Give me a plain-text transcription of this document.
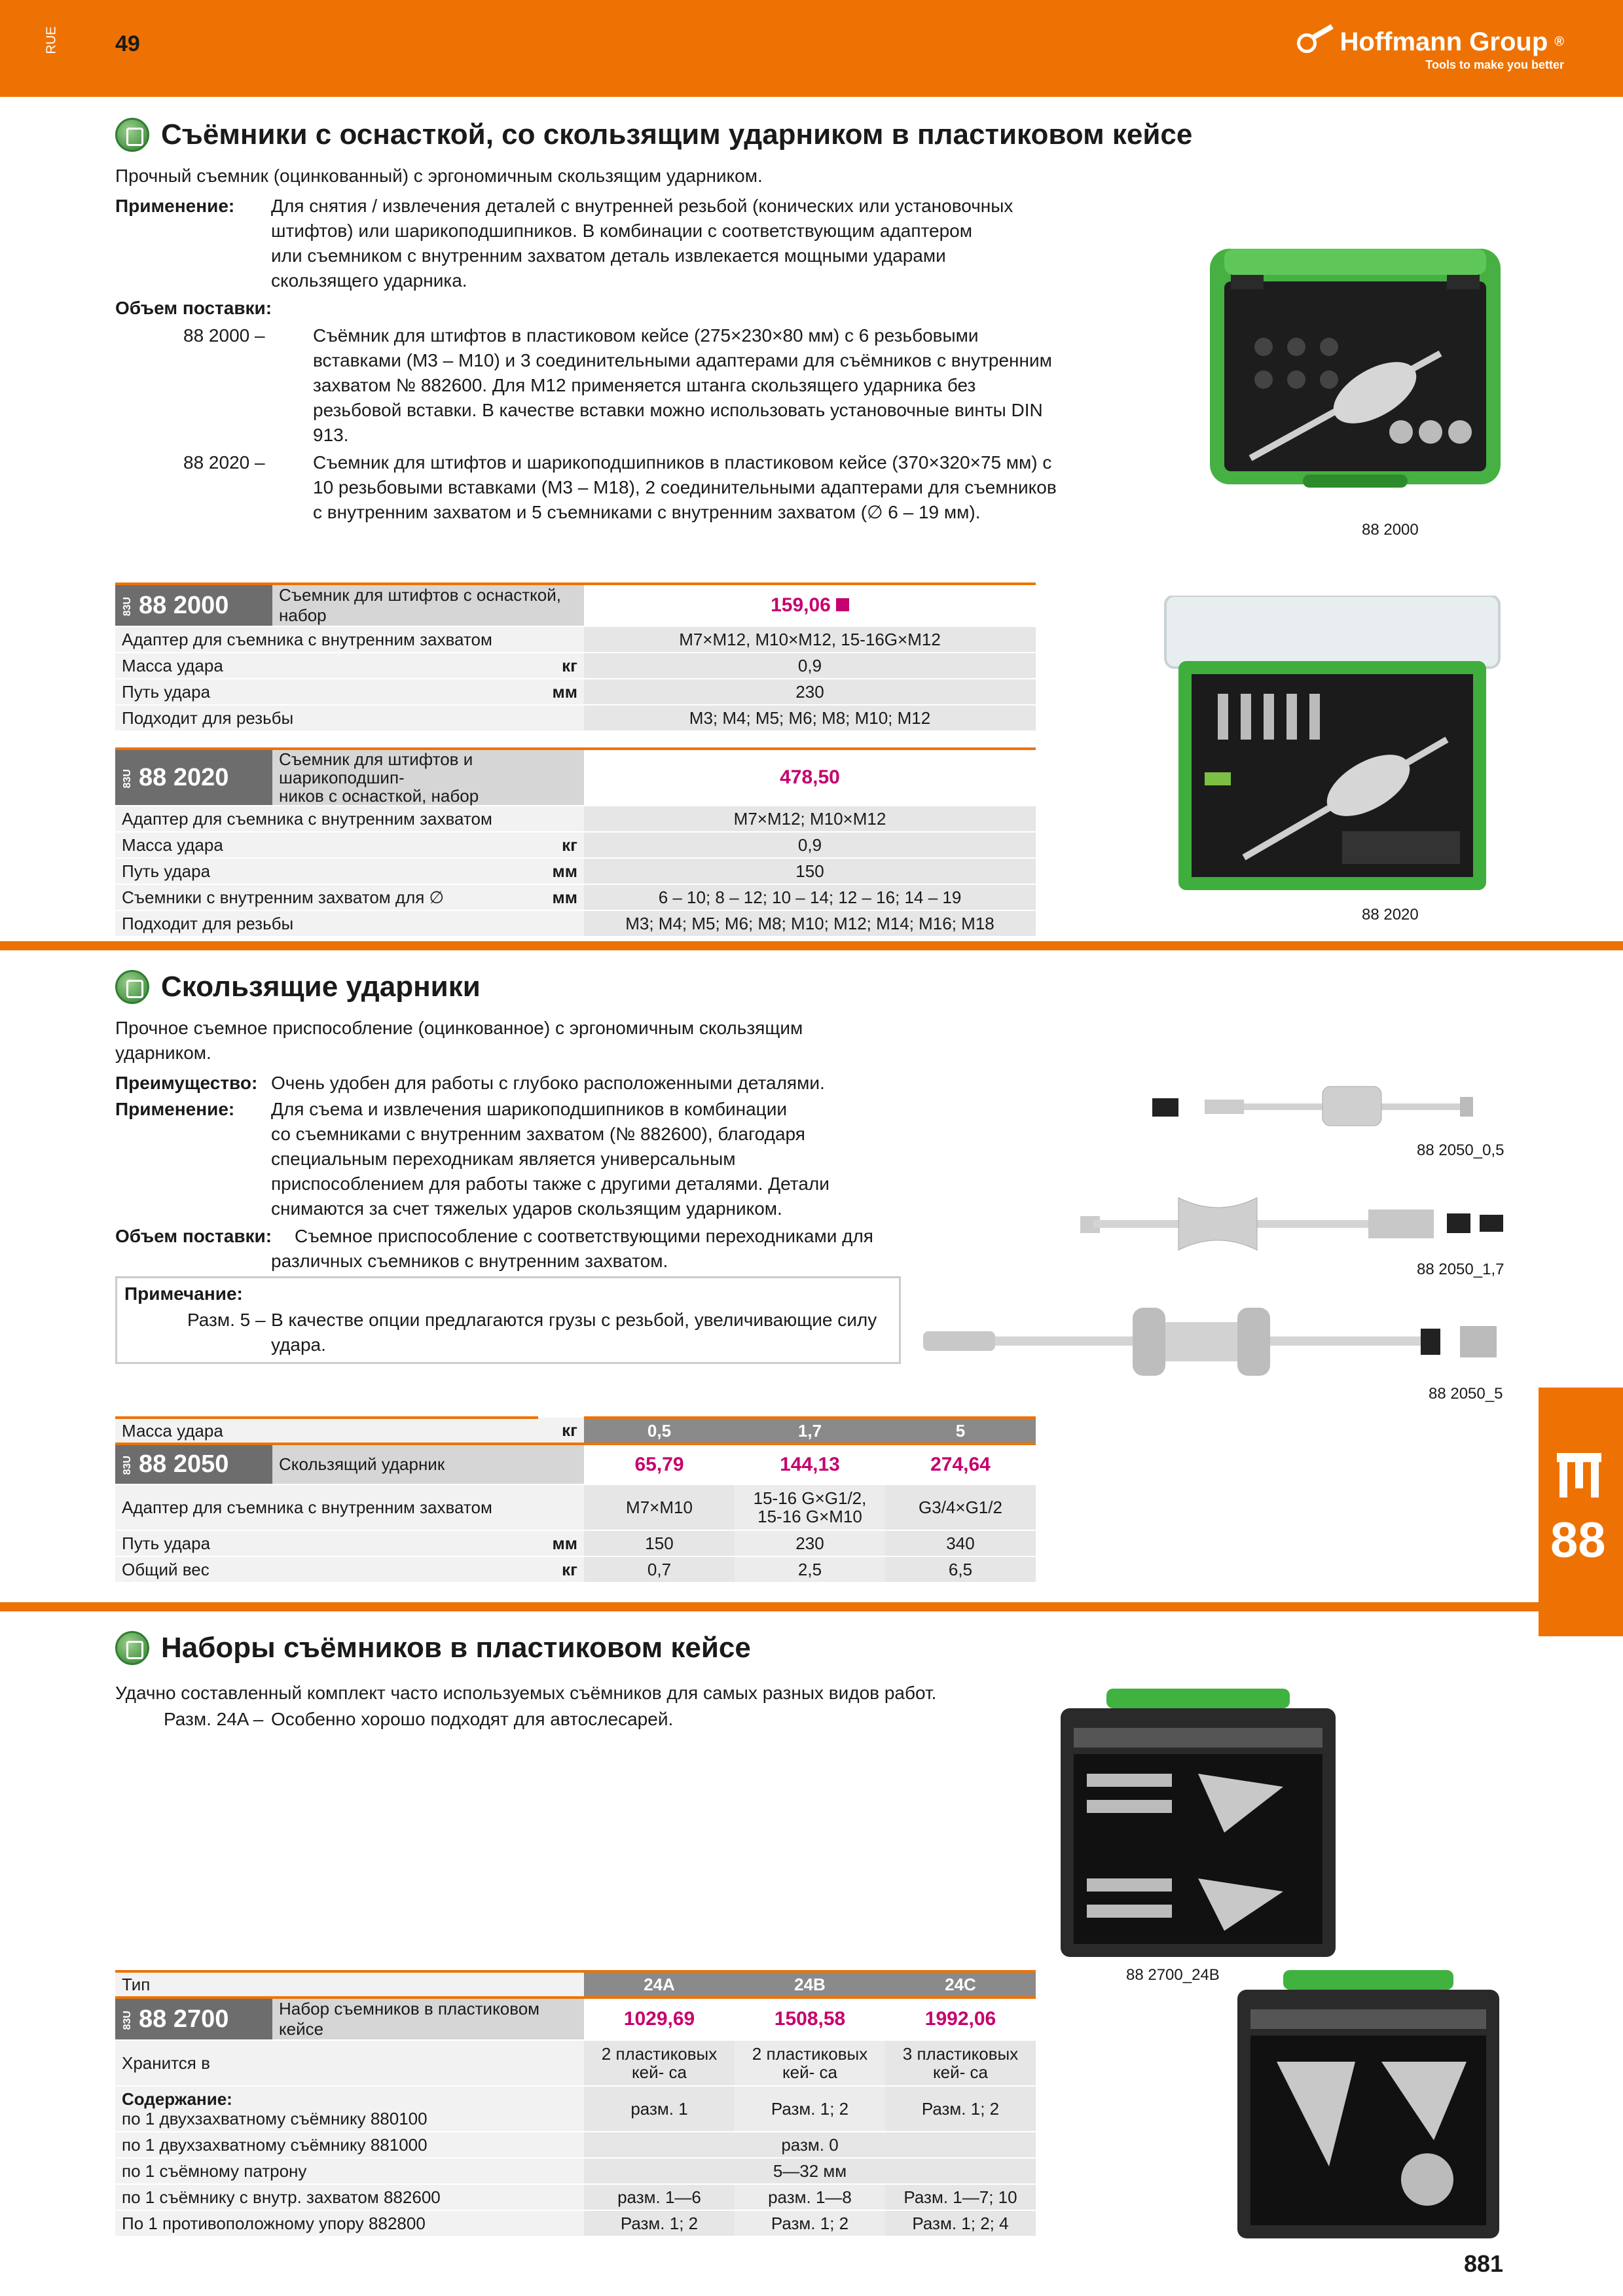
RUE	49	Hoffmann Group ®
Tools to make you better
Съёмники с оснасткой, со скользящим ударником в пластиковом кейсе
Прочный съемник (оцинкованный) с эргономичным скользящим ударником.
Применение: Для снятия / извлечения деталей с внутренней резьбой (конических или установочных
штифтов) или шарикоподшипников. В комбинации с соответствующим адаптером
или съемником с внутренним захватом деталь извлекается мощными ударами
скользящего ударника.
Объем поставки:
88 2000 –	Съёмник для штифтов в пластиковом кейсе (275×230×80 мм) с 6 резьбовыми
вставками (М3 – М10) и 3 соединительными адаптерами для съёмников с внутренним
захватом № 882600. Для М12 применяется штанга скользящего ударника без
резьбовой вставки. В качестве вставки можно использовать установочные винты DIN
913.
88 2020 –	Съемник для штифтов и шарикоподшипников в пластиковом кейсе (370×320×75 мм) с
10 резьбовыми вставками (М3 – М18), 2 соединительными адаптерами для съемников
с внутренним захватом и 5 съемниками с внутренним захватом (∅ 6 – 19 мм).
88 2000
88 2020
83U 88 2000	Съемник для штифтов с оснасткой, набор		159,06
Адаптер для съемника с внутренним захватом			M7×M12, M10×M12, 15-16G×M12
Масса удара		кг	0,9
Путь удара		мм	230
Подходит для резьбы			M3; M4; M5; M6; M8; M10; M12
83U 88 2020	Съемник для штифтов и шарикоподшип-
ников с оснасткой, набор		478,50
Адаптер для съемника с внутренним захватом			M7×M12; M10×M12
Масса удара		кг	0,9
Путь удара		мм	150
Съемники с внутренним захватом для ∅		мм	6 – 10; 8 – 12; 10 – 14; 12 – 16; 14 – 19
Подходит для резьбы			M3; M4; M5; M6; M8; M10; M12; M14; M16; M18
Скользящие ударники
Прочное съемное приспособление (оцинкованное) с эргономичным скользящим
ударником.
Преимущество: Очень удобен для работы с глубоко расположенными деталями.
Применение: Для съема и извлечения шарикоподшипников в комбинации
со съемниками с внутренним захватом (№ 882600), благодаря
специальным переходникам является универсальным
приспособлением для работы также с другими деталями. Детали
снимаются за счет тяжелых ударов скользящим ударником.
Объем поставки:	Съемное приспособление с соответствующими переходниками для
различных съемников с внутренним захватом.
Примечание:
Разм. 5 – В качестве опции предлагаются грузы с резьбой, увеличивающие силу
удара.
88 2050_0,5
88 2050_1,7
88 2050_5
Масса удара		кг	0,5	1,7	5
83U 88 2050	Скользящий ударник		65,79	144,13	274,64
Адаптер для съемника с внутренним захватом			M7×M10	15-16 G×G1/2, 15-16 G×M10	G3/4×G1/2
Путь удара		мм	150	230	340
Общий вес		кг	0,7	2,5	6,5
88
Наборы съёмников в пластиковом кейсе
Удачно составленный комплект часто используемых съёмников для самых разных видов работ.
Разм. 24A – Особенно хорошо подходят для автослесарей.
88 2700_24B
Тип		24A	24B	24C
83U 88 2700	Набор съемников в пластиковом кейсе	1029,69	1508,58	1992,06
Хранится в		2 пластиковых кей- са	2 пластиковых кей- са	3 пластиковых кей- са

Содержание:
по 1 двухзахватному съёмнику 880100		разм. 1	Разм. 1; 2	Разм. 1; 2
по 1 двухзахватному съёмнику 881000		разм. 0		
по 1 съёмному патрону		5—32 мм		
по 1 съёмнику с внутр. захватом 882600		разм. 1—6	разм. 1—8	Разм. 1—7; 10
По 1 противоположному упору 882800		Разм. 1; 2	Разм. 1; 2	Разм. 1; 2; 4
881
